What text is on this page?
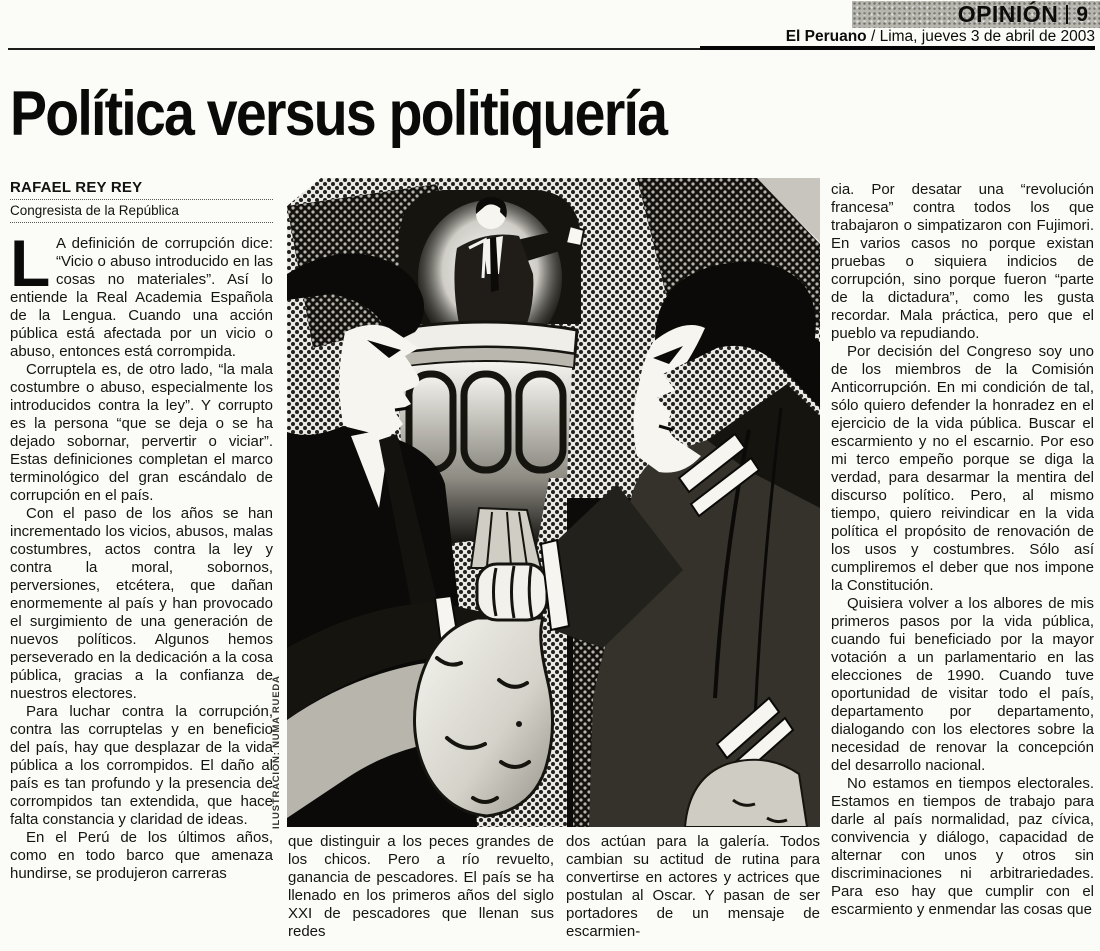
OPINIÓN 9
El Peruano / Lima, jueves 3 de abril de 2003
Política versus politiquería
RAFAEL REY REY
Congresista de la República

L A definición de corrupción dice: “Vicio o abuso introducido en las cosas no materiales”. Así lo entiende la Real Academia Española de la Lengua. Cuando una acción pública está afectada por un vicio o abuso, entonces está corrompida.

Corruptela es, de otro lado, “la mala costumbre o abuso, especialmente los introducidos contra la ley”. Y corrupto es la persona “que se deja o se ha dejado sobornar, pervertir o viciar”. Estas definiciones completan el marco terminológico del gran escándalo de corrupción en el país.

Con el paso de los años se han incrementado los vicios, abusos, malas costumbres, actos contra la ley y contra la moral, sobornos, perversiones, etcétera, que dañan enormemente al país y han provocado el surgimiento de una generación de nuevos políticos. Algunos hemos perseverado en la dedicación a la cosa pública, gracias a la confianza de nuestros electores.

Para luchar contra la corrupción, contra las corruptelas y en beneficio del país, hay que desplazar de la vida pública a los corrompidos. El daño al país es tan profundo y la presencia de corrompidos tan extendida, que hace falta constancia y claridad de ideas.

En el Perú de los últimos años, como en todo barco que amenaza hundirse, se produjeron carreras

ILUSTRACIÓN: NUMA RUEDA

que distinguir a los peces grandes de los chicos. Pero a río revuelto, ganancia de pescadores. El país se ha llenado en los primeros años del siglo XXI de pescadores que llenan sus redes

dos actúan para la galería. Todos cambian su actitud de rutina para convertirse en actores y actrices que postulan al Oscar. Y pasan de ser portadores de un mensaje de escarmien-

cia. Por desatar una “revolución francesa” contra todos los que trabajaron o simpatizaron con Fujimori. En varios casos no porque existan pruebas o siquiera indicios de corrupción, sino porque fueron “parte de la dictadura”, como les gusta recordar. Mala práctica, pero que el pueblo va repudiando.

Por decisión del Congreso soy uno de los miembros de la Comisión Anticorrupción. En mi condición de tal, sólo quiero defender la honradez en el ejercicio de la vida pública. Buscar el escarmiento y no el escarnio. Por eso mi terco empeño porque se diga la verdad, para desarmar la mentira del discurso político. Pero, al mismo tiempo, quiero reivindicar en la vida política el propósito de renovación de los usos y costumbres. Sólo así cumpliremos el deber que nos impone la Constitución.

Quisiera volver a los albores de mis primeros pasos por la vida pública, cuando fui beneficiado por la mayor votación a un parlamentario en las elecciones de 1990. Cuando tuve oportunidad de visitar todo el país, departamento por departamento, dialogando con los electores sobre la necesidad de renovar la concepción del desarrollo nacional.

No estamos en tiempos electorales. Estamos en tiempos de trabajo para darle al país normalidad, paz cívica, convivencia y diálogo, capacidad de alternar con unos y otros sin discriminaciones ni arbitrariedades. Para eso hay que cumplir con el escarmiento y enmendar las cosas que
